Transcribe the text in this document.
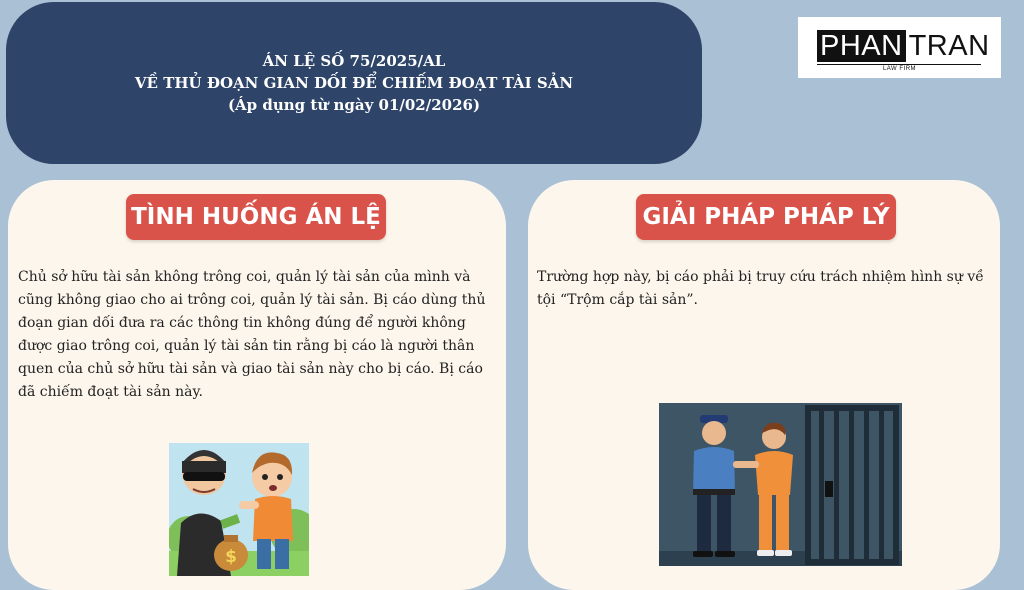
ÁN LỆ SỐ 75/2025/AL
VỀ THỦ ĐOẠN GIAN DỐI ĐỂ CHIẾM ĐOẠT TÀI SẢN
(Áp dụng từ ngày 01/02/2026)
PHAN TRAN
LAW FIRM
TÌNH HUỐNG ÁN LỆ	GIẢI PHÁP PHÁP LÝ
Chủ sở hữu tài sản không trông coi, quản lý tài sản của mình và cũng không giao cho ai trông coi, quản lý tài sản. Bị cáo dùng thủ đoạn gian dối đưa ra các thông tin không đúng để người không được giao trông coi, quản lý tài sản tin rằng bị cáo là người thân quen của chủ sở hữu tài sản và giao tài sản này cho bị cáo. Bị cáo đã chiếm đoạt tài sản này.
Trường hợp này, bị cáo phải bị truy cứu trách nhiệm hình sự về tội “Trộm cắp tài sản”.
$
